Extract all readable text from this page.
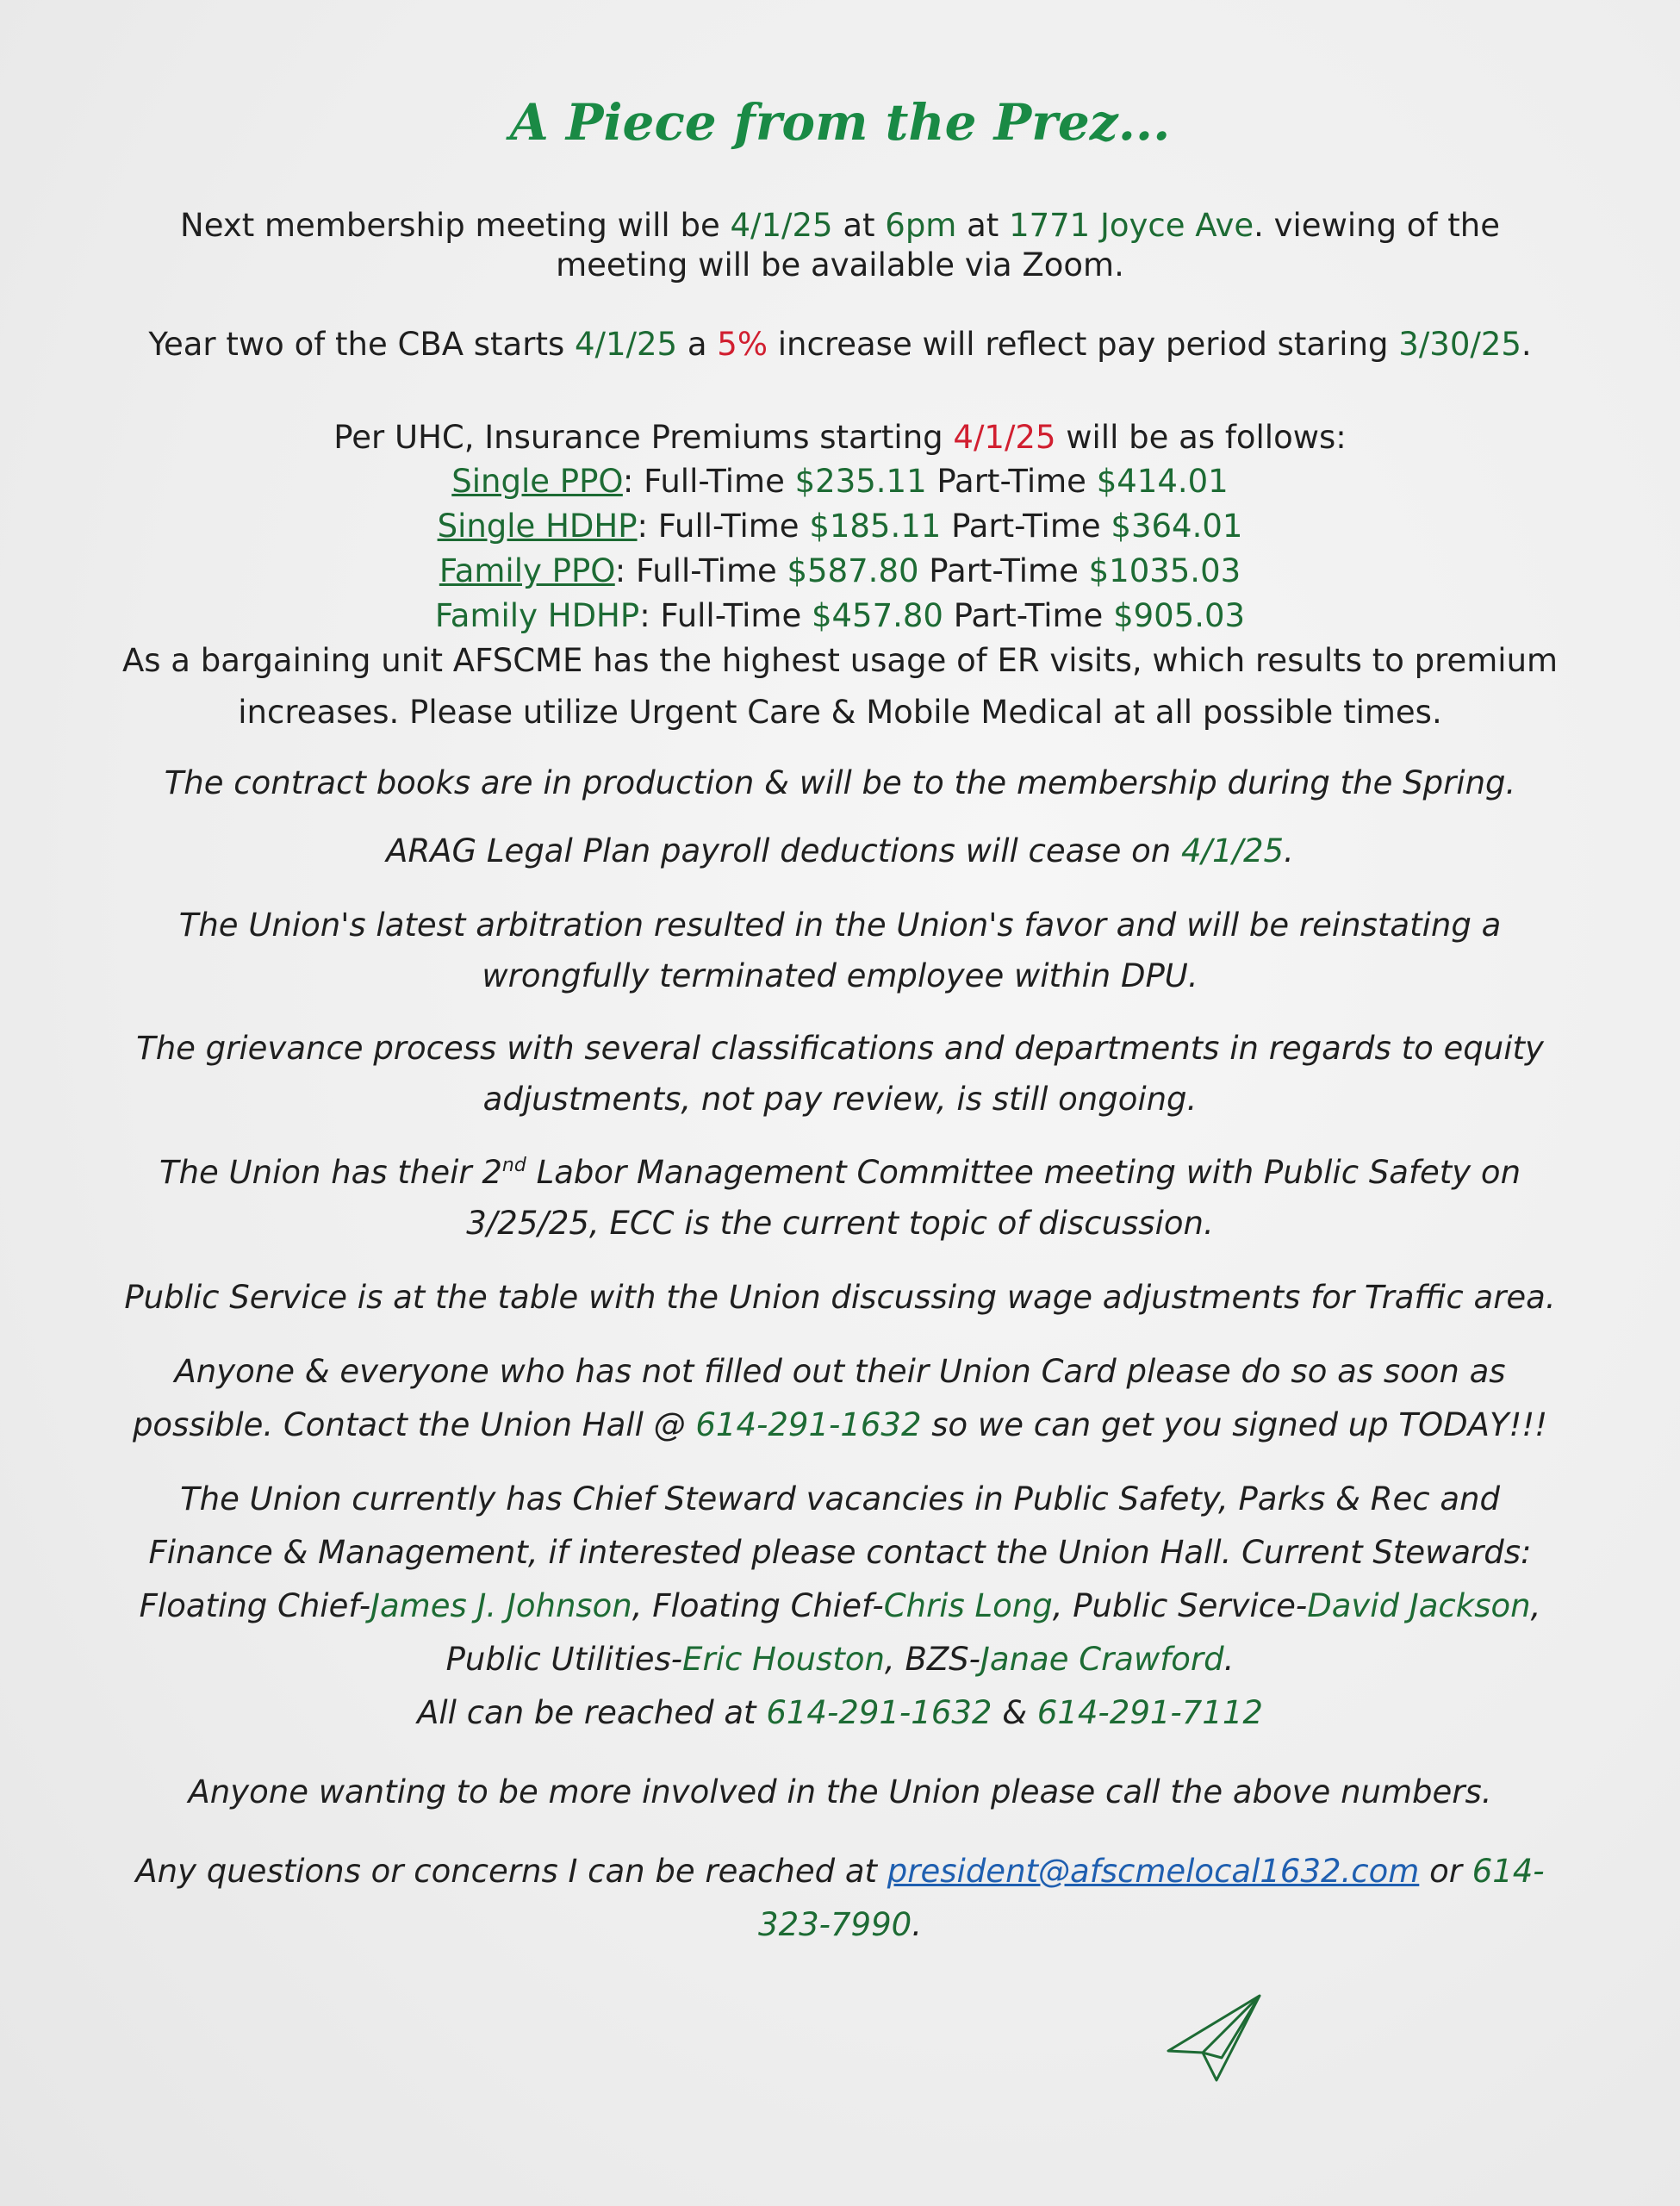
A Piece from the Prez...
Next membership meeting will be 4/1/25 at 6pm at 1771 Joyce Ave. viewing of the
meeting will be available via Zoom.
Year two of the CBA starts 4/1/25 a 5% increase will reflect pay period staring 3/30/25.
Per UHC, Insurance Premiums starting 4/1/25 will be as follows:
Single PPO: Full-Time $235.11 Part-Time $414.01
Single HDHP: Full-Time $185.11 Part-Time $364.01
Family PPO: Full-Time $587.80 Part-Time $1035.03
Family HDHP: Full-Time $457.80 Part-Time $905.03
As a bargaining unit AFSCME has the highest usage of ER visits, which results to premium
increases. Please utilize Urgent Care & Mobile Medical at all possible times.
The contract books are in production & will be to the membership during the Spring.
ARAG Legal Plan payroll deductions will cease on 4/1/25.
The Union's latest arbitration resulted in the Union's favor and will be reinstating a
wrongfully terminated employee within DPU.
The grievance process with several classifications and departments in regards to equity
adjustments, not pay review, is still ongoing.
The Union has their 2nd Labor Management Committee meeting with Public Safety on
3/25/25, ECC is the current topic of discussion.
Public Service is at the table with the Union discussing wage adjustments for Traffic area.
Anyone & everyone who has not filled out their Union Card please do so as soon as
possible. Contact the Union Hall @ 614-291-1632 so we can get you signed up TODAY!!!
The Union currently has Chief Steward vacancies in Public Safety, Parks & Rec and
Finance & Management, if interested please contact the Union Hall. Current Stewards:
Floating Chief-James J. Johnson, Floating Chief-Chris Long, Public Service-David Jackson,
Public Utilities-Eric Houston, BZS-Janae Crawford.
All can be reached at 614-291-1632 & 614-291-7112
Anyone wanting to be more involved in the Union please call the above numbers.
Any questions or concerns I can be reached at president@afscmelocal1632.com or 614-
323-7990.
